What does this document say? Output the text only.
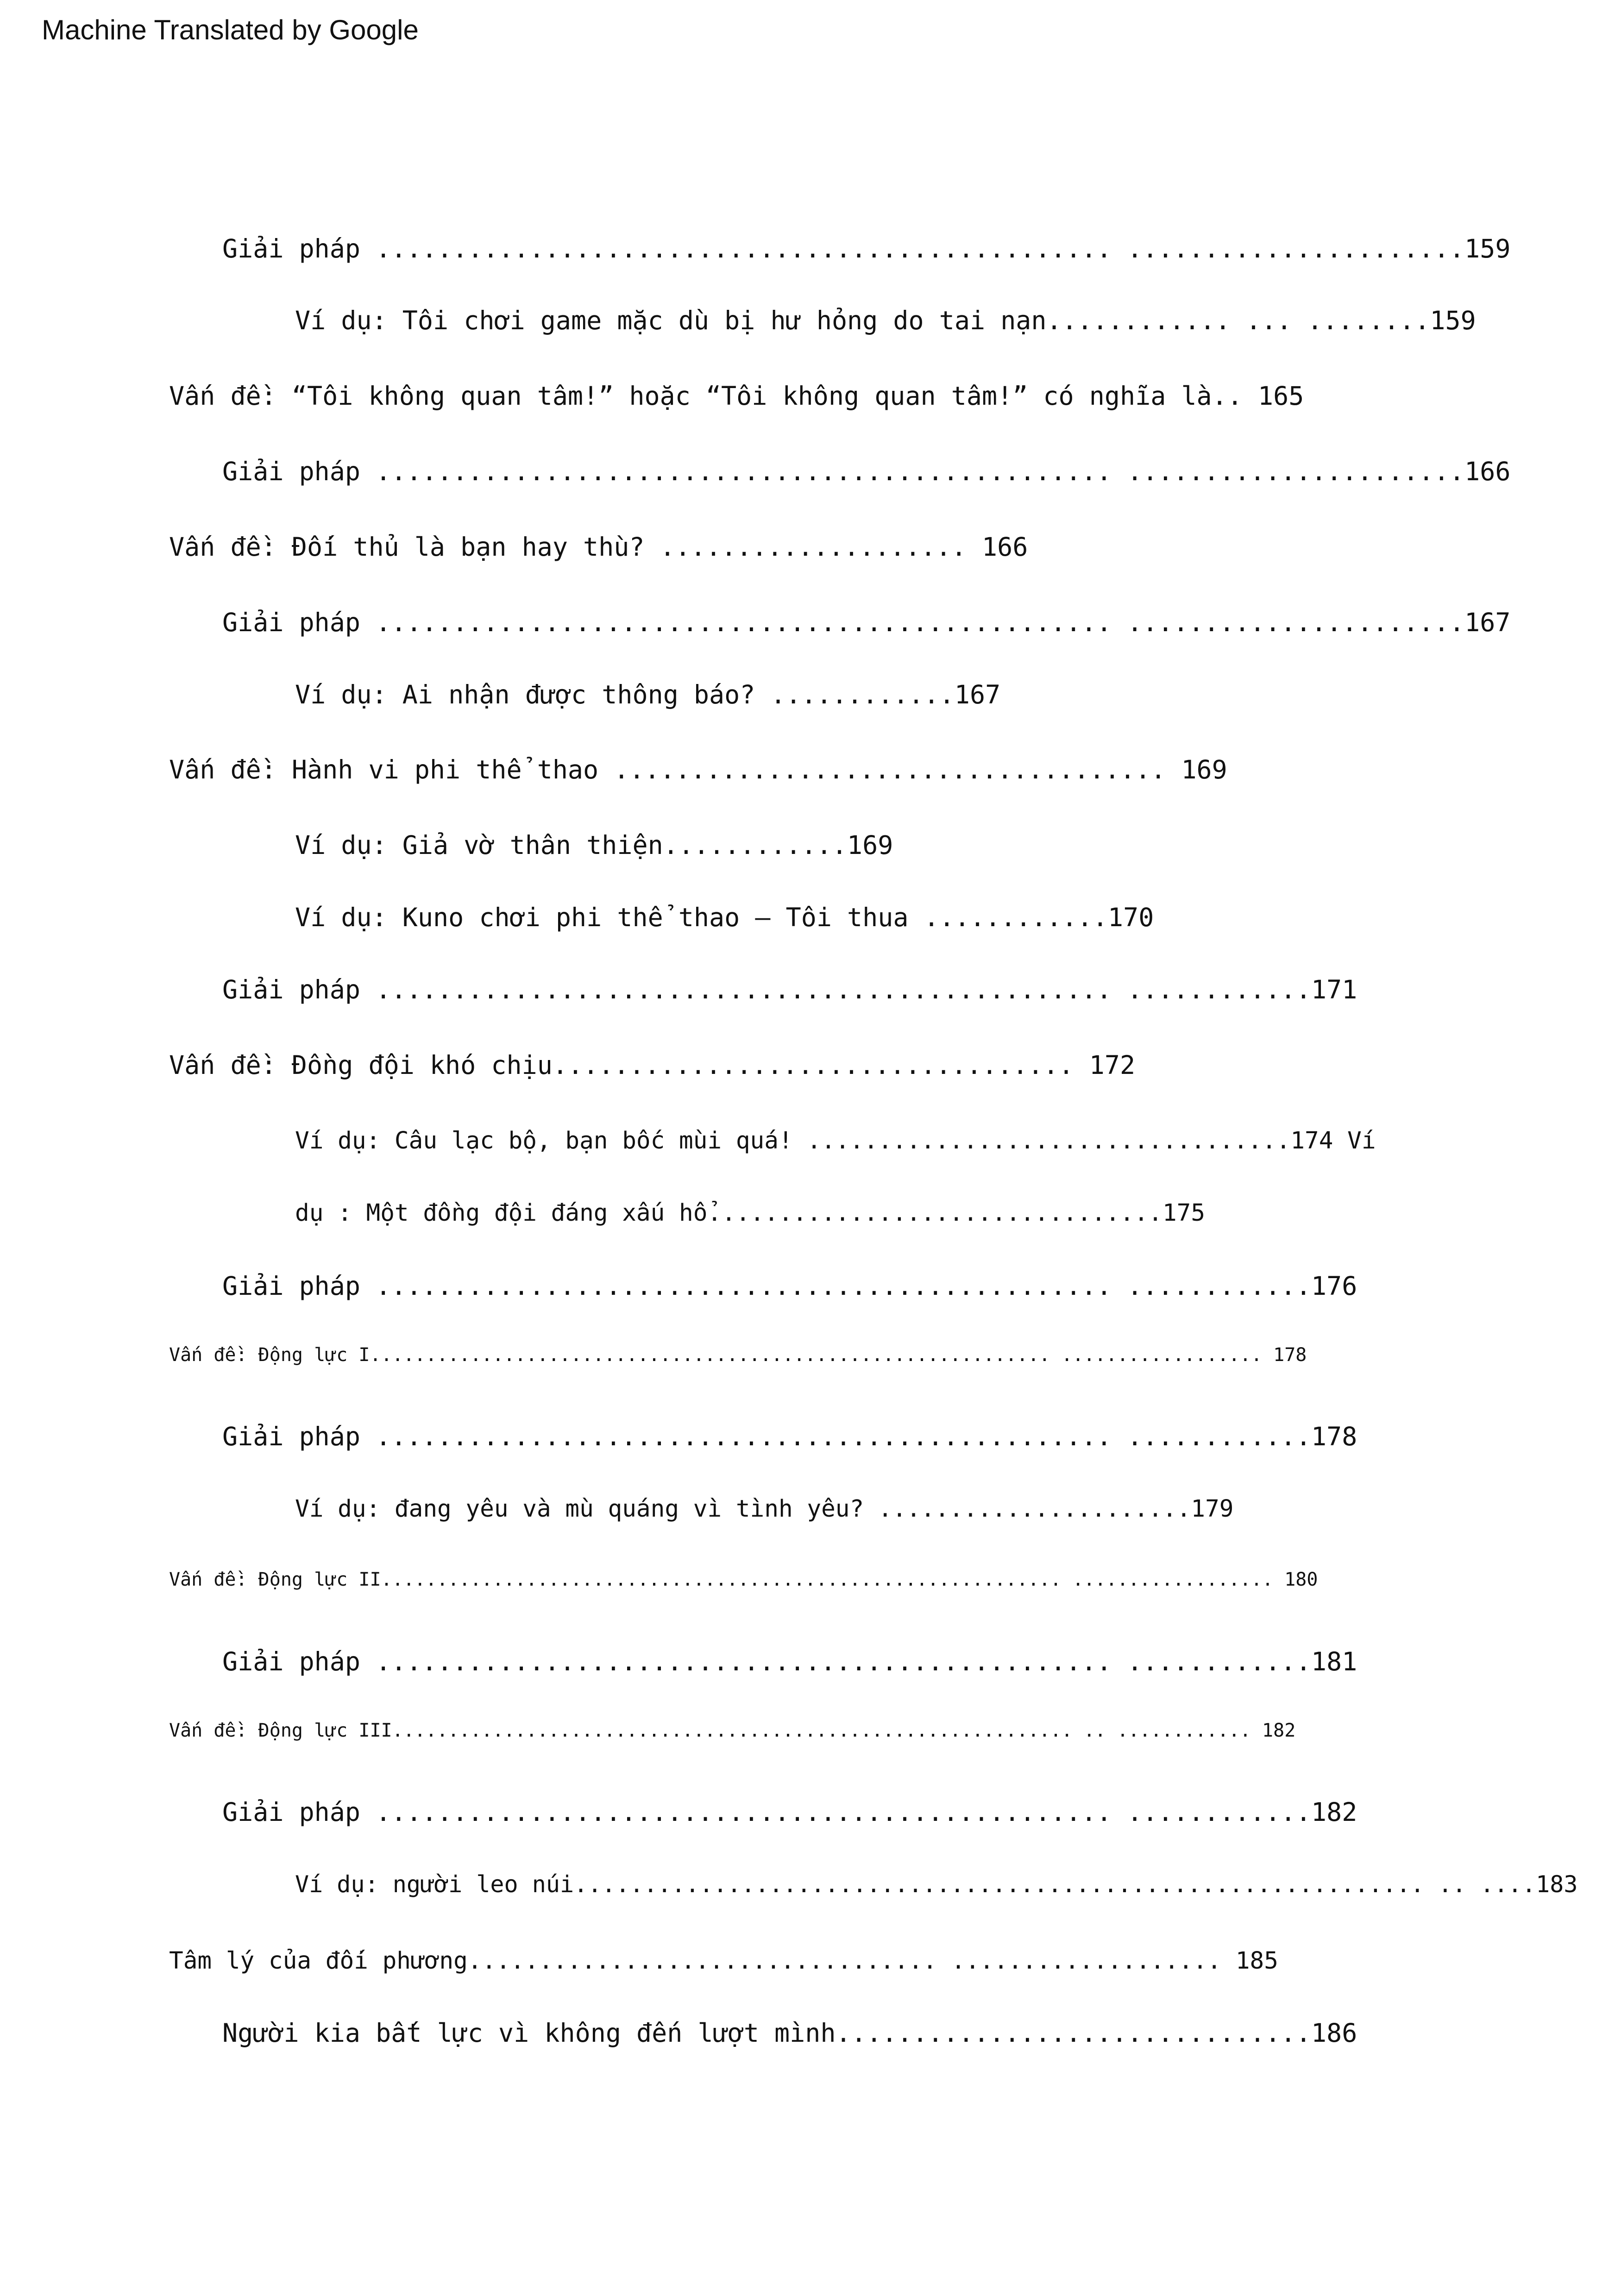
Machine Translated by Google
Giải pháp ................................................ ......................159
Ví dụ: Tôi chơi game mặc dù bị hư hỏng do tai nạn............ ... ........159
Vấn đề: “Tôi không quan tâm!” hoặc “Tôi không quan tâm!” có nghĩa là.. 165
Giải pháp ................................................ ......................166
Vấn đề: Đối thủ là bạn hay thù? .................... 166
Giải pháp ................................................ ......................167
Ví dụ: Ai nhận được thông báo? ............167
Vấn đề: Hành vi phi thể thao .................................... 169
Ví dụ: Giả vờ thân thiện............169
Ví dụ: Kuno chơi phi thể thao – Tôi thua ............170
Giải pháp ................................................ ............171
Vấn đề: Đồng đội khó chịu.................................. 172
Ví dụ: Câu lạc bộ, bạn bốc mùi quá! ..................................174 Ví
dụ : Một đồng đội đáng xấu hổ................................175
Giải pháp ................................................ ............176
Vấn đề: Động lực I............................................................. .................. 178
Giải pháp ................................................ ............178
Ví dụ: đang yêu và mù quáng vì tình yêu? ......................179
Vấn đề: Động lực II............................................................. .................. 180
Giải pháp ................................................ ............181
Vấn đề: Động lực III............................................................. .. ............ 182
Giải pháp ................................................ ............182
Ví dụ: người leo núi............................................................. .. ....183
Tâm lý của đối phương................................. ................... 185
Người kia bất lực vì không đến lượt mình...............................186
